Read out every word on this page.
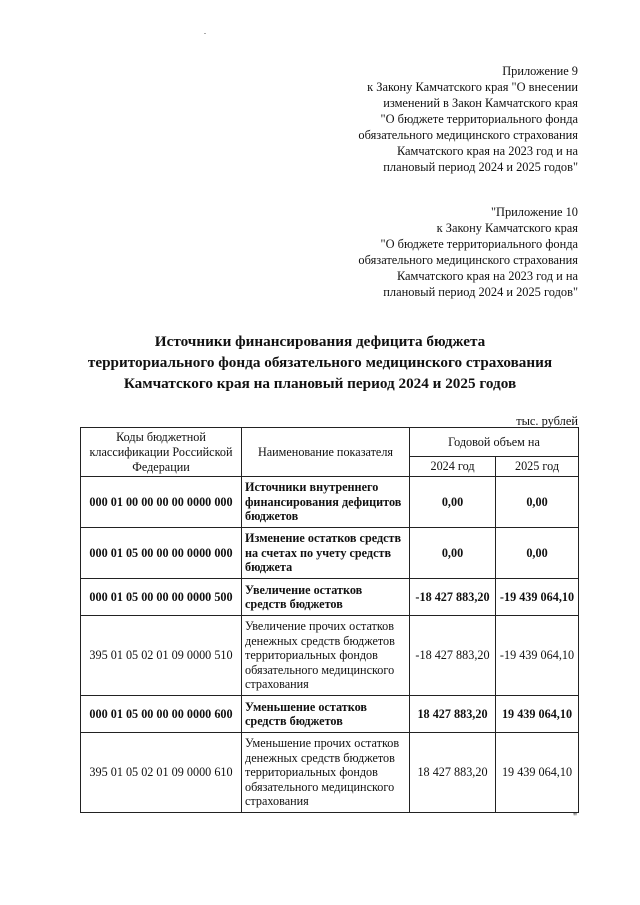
Приложение 9
к Закону Камчатского края "О внесении
изменений в Закон Камчатского края
"О бюджете территориального фонда
обязательного медицинского страхования
Камчатского края на 2023 год и на
плановый период 2024 и 2025 годов"
"Приложение 10
к Закону Камчатского края
"О бюджете территориального фонда
обязательного медицинского страхования
Камчатского края на 2023 год и на
плановый период 2024 и 2025 годов"
Источники финансирования дефицита бюджета
территориального фонда обязательного медицинского страхования
Камчатского края на плановый период 2024 и 2025 годов
тыс. рублей
Коды бюджетной классификации Российской Федерации	Наименование показателя	Годовой объем на	
		2024 год	2025 год
000 01 00 00 00 00 0000 000	Источники внутреннего финансирования дефицитов бюджетов	0,00	0,00
000 01 05 00 00 00 0000 000	Изменение остатков средств на счетах по учету средств бюджета	0,00	0,00
000 01 05 00 00 00 0000 500	Увеличение остатков средств бюджетов	-18 427 883,20	-19 439 064,10
395 01 05 02 01 09 0000 510	Увеличение прочих остатков денежных средств бюджетов территориальных фондов обязательного медицинского страхования	-18 427 883,20	-19 439 064,10
000 01 05 00 00 00 0000 600	Уменьшение остатков средств бюджетов	18 427 883,20	19 439 064,10
395 01 05 02 01 09 0000 610	Уменьшение прочих остатков денежных средств бюджетов территориальных фондов обязательного медицинского страхования	18 427 883,20	19 439 064,10
"
